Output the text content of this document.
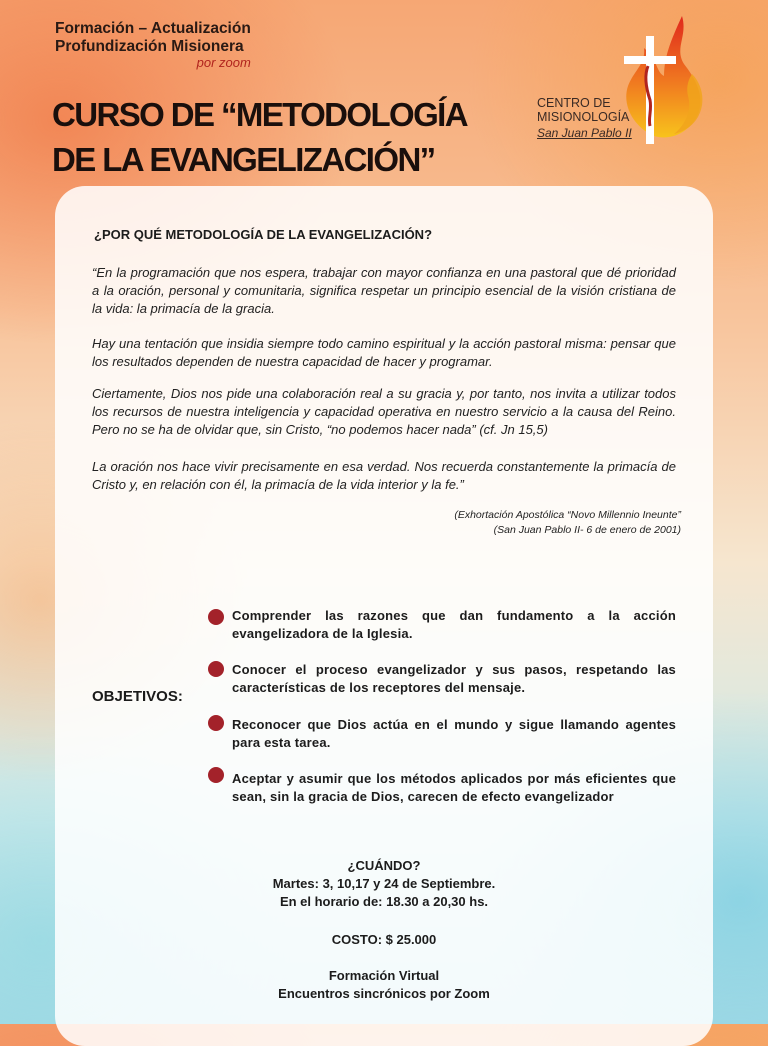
Formación – Actualización
Profundización Misionera
por zoom
CURSO DE “METODOLOGÍA
DE LA EVANGELIZACIÓN”
CENTRO DE
MISIONOLOGÍA
San Juan Pablo II
¿POR QUÉ METODOLOGÍA DE LA EVANGELIZACIÓN?
“En la programación que nos espera, trabajar con mayor confianza en una pastoral que dé prioridad a la oración, personal y comunitaria, significa respetar un principio esencial de la visión cristiana de la vida: la primacía de la gracia.
Hay una tentación que insidia siempre todo camino espiritual y la acción pastoral misma: pensar que los resultados dependen de nuestra capacidad de hacer y programar.
Ciertamente, Dios nos pide una colaboración real a su gracia y, por tanto, nos invita a utilizar todos los recursos de nuestra inteligencia y capacidad operativa en nuestro servicio a la causa del Reino. Pero no se ha de olvidar que, sin Cristo, “no podemos hacer nada” (cf. Jn 15,5)
La oración nos hace vivir precisamente en esa verdad. Nos recuerda constantemente la primacía de Cristo y, en relación con él, la primacía de la vida interior y la fe.”
(Exhortación Apostólica “Novo Millennio Ineunte”
(San Juan Pablo II- 6 de enero de 2001)
OBJETIVOS:
Comprender las razones que dan fundamento a la acción evangelizadora de la Iglesia.
Conocer el proceso evangelizador y sus pasos, respetando las características de los receptores del mensaje.
Reconocer que Dios actúa en el mundo y sigue llamando agentes para esta tarea.
Aceptar y asumir que los métodos aplicados por más eficientes que sean, sin la gracia de Dios, carecen de efecto evangelizador
¿CUÁNDO?
Martes: 3, 10,17 y 24 de Septiembre.
En el horario de: 18.30 a 20,30 hs.
COSTO: $ 25.000
Formación Virtual
Encuentros sincrónicos por Zoom
